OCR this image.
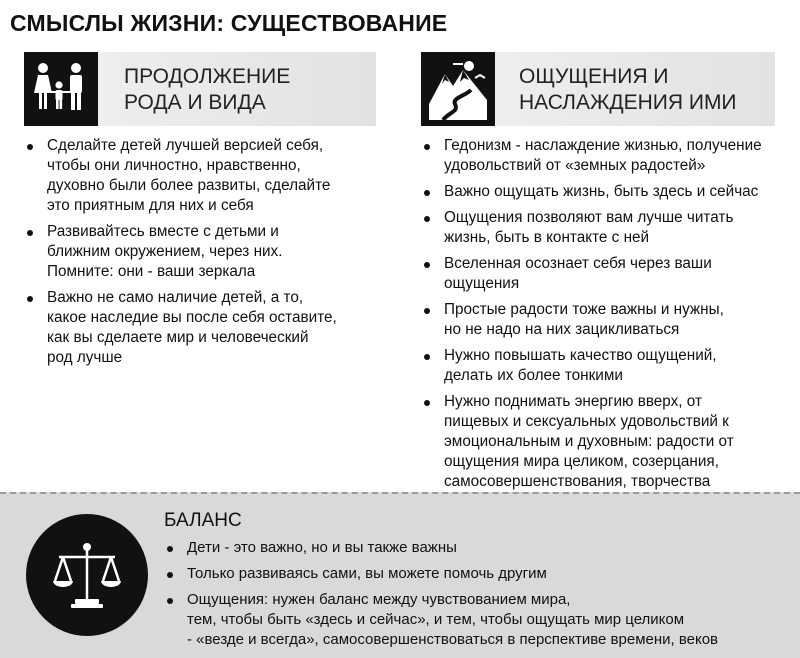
СМЫСЛЫ ЖИЗНИ: СУЩЕСТВОВАНИЕ
ПРОДОЛЖЕНИЕ
РОДА И ВИДА
ОЩУЩЕНИЯ И
НАСЛАЖДЕНИЯ ИМИ
Сделайте детей лучшей версией себя,
чтобы они личностно, нравственно,
духовно были более развиты, сделайте
это приятным для них и себя
Развивайтесь вместе с детьми и
ближним окружением, через них.
Помните: они - ваши зеркала
Важно не само наличие детей, а то,
какое наследие вы после себя оставите,
как вы сделаете мир и человеческий
род лучше
Гедонизм - наслаждение жизнью, получение
удовольствий от «земных радостей»
Важно ощущать жизнь, быть здесь и сейчас
Ощущения позволяют вам лучше читать
жизнь, быть в контакте с ней
Вселенная осознает себя через ваши
ощущения
Простые радости тоже важны и нужны,
но не надо на них зацикливаться
Нужно повышать качество ощущений,
делать их более тонкими
Нужно поднимать энергию вверх, от
пищевых и сексуальных удовольствий к
эмоциональным и духовным: радости от
ощущения мира целиком, созерцания,
самосовершенствования, творчества
БАЛАНС
Дети - это важно, но и вы также важны
Только развиваясь сами, вы можете помочь другим
Ощущения: нужен баланс между чувствованием мира,
тем, чтобы быть «здесь и сейчас», и тем, чтобы ощущать мир целиком
- «везде и всегда», самосовершенствоваться в перспективе времени, веков
